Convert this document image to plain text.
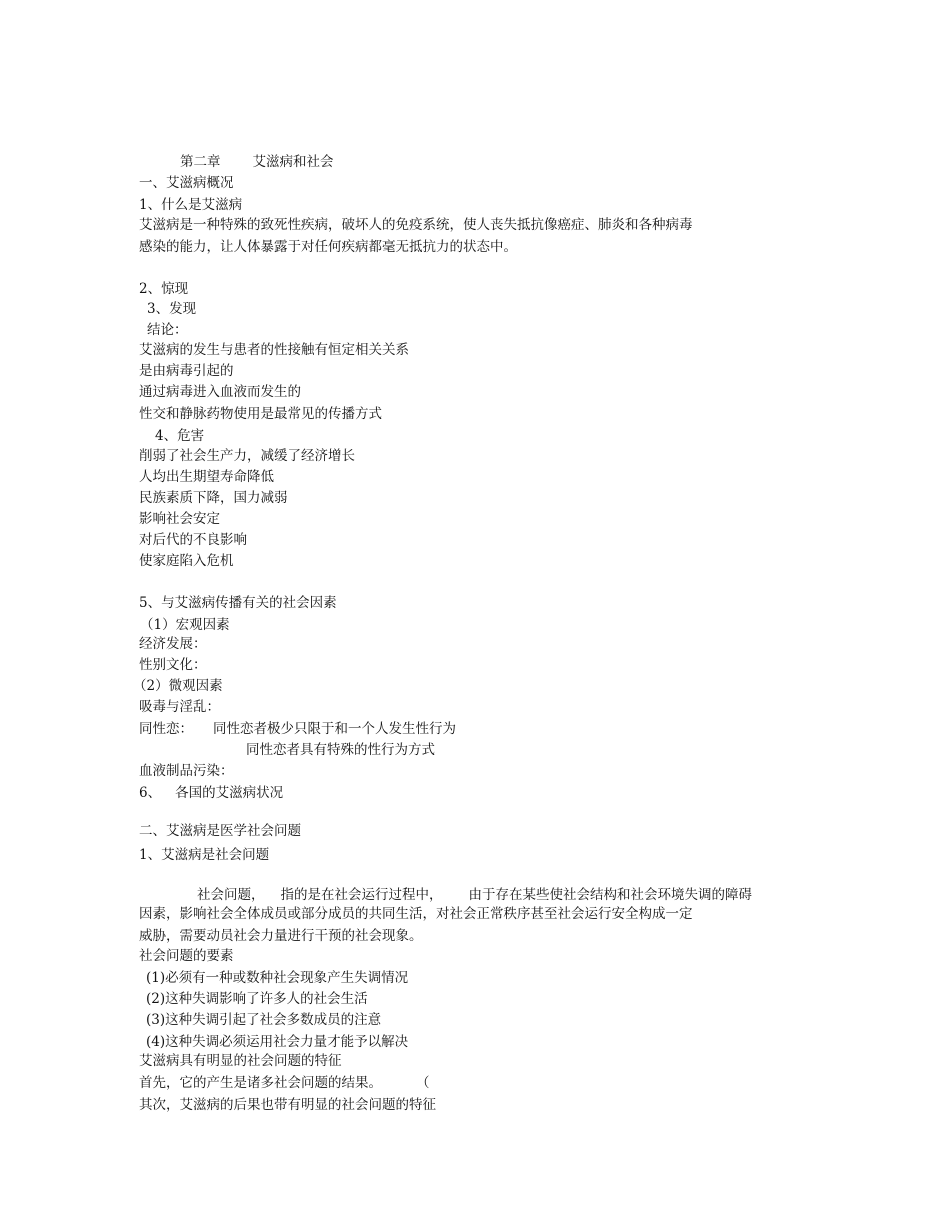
第二章 艾滋病和社会
一、艾滋病概况
1、什么是艾滋病
艾滋病是一种特殊的致死性疾病，破坏人的免疫系统，使人丧失抵抗像癌症、肺炎和各种病毒
感染的能力，让人体暴露于对任何疾病都毫无抵抗力的状态中。
2、惊现
3、发现
结论：
艾滋病的发生与患者的性接触有恒定相关关系
是由病毒引起的
通过病毒进入血液而发生的
性交和静脉药物使用是最常见的传播方式
4、危害
削弱了社会生产力，减缓了经济增长
人均出生期望寿命降低
民族素质下降，国力减弱
影响社会安定
对后代的不良影响
使家庭陷入危机
5、与艾滋病传播有关的社会因素
（1）宏观因素
经济发展：
性别文化：
（2）微观因素
吸毒与淫乱：
同性恋： 同性恋者极少只限于和一个人发生性行为
同性恋者具有特殊的性行为方式
血液制品污染：
6、 各国的艾滋病状况
二、艾滋病是医学社会问题
1、艾滋病是社会问题
社会问题， 指的是在社会运行过程中， 由于存在某些使社会结构和社会环境失调的障碍
因素，影响社会全体成员或部分成员的共同生活，对社会正常秩序甚至社会运行安全构成一定
威胁，需要动员社会力量进行干预的社会现象。
社会问题的要素
(1)必须有一种或数种社会现象产生失调情况
(2)这种失调影响了许多人的社会生活
(3)这种失调引起了社会多数成员的注意
(4)这种失调必须运用社会力量才能予以解决
艾滋病具有明显的社会问题的特征
首先，它的产生是诸多社会问题的结果。	（
其次，艾滋病的后果也带有明显的社会问题的特征
